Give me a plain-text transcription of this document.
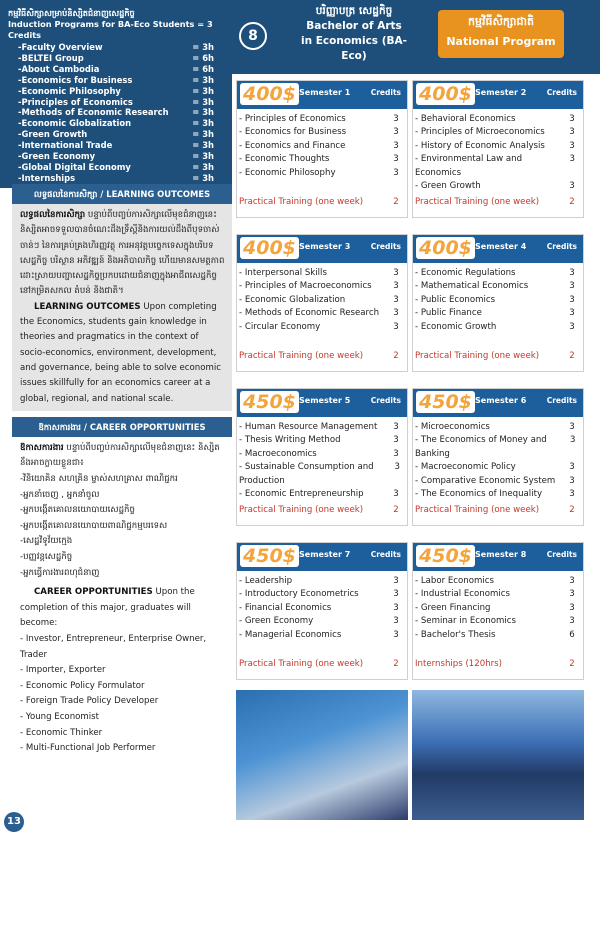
កម្មវិធីសិក្សាសម្រាប់និស្សិតជំនាញសេដ្ឋកិច្ច
Induction Programs for BA-Eco Students = 3 Credits	8
បរិញ្ញាបត្រ សេដ្ឋកិច្ច
Bachelor of Arts
in Economics (BA-Eco)
កម្មវិធីសិក្សាជាតិ
National Program
-Faculty Overview	= 3h
-BELTEI Group	= 6h
-About Cambodia	= 6h
-Economics for Business	= 3h
-Economic Philosophy	= 3h
-Principles of Economics	= 3h
-Methods of Economic Research	= 3h
-Economic Globalization	= 3h
-Green Growth	= 3h
-International Trade	= 3h
-Green Economy	= 3h
-Global Digital Economy	= 3h
-Internships	= 3h
លទ្ធផលនៃការសិក្សា / LEARNING OUTCOMES
លទ្ធផលនៃការសិក្សា បន្ទាប់ពីបញ្ចប់ការសិក្សាលើមុខជំនាញនេះនិស្សិតអាចទទួលបានចំណេះដឹងទ្រឹស្តីនិងការយល់ដឹងពីបុទចាស់ចាន់ៗ នៃការគ្រប់គ្រងហិរញ្ញវត្ថុ ការអនុវត្តបច្ចេកទេសក្នុងបរិបទសេដ្ឋកិច្ច បរិស្ថាន អភិវឌ្ឍន៍ និងអភិបាលកិច្ច ហើយមានសមត្ថភាពដោះស្រាយបញ្ហាសេដ្ឋកិច្ចប្រកបដោយជំនាញក្នុងអាជីពសេដ្ឋកិច្ចនៅកម្រិតសកល តំបន់ និងជាតិ។
LEARNING OUTCOMES Upon completing the Economics, students gain knowledge in theories and pragmatics in the context of socio-economics, environment, development, and governance, being able to solve economic issues skillfully for an economics career at a global, regional, and national scale.
ឱកាសការងារ / CAREER OPPORTUNITIES
ឱកាសការងារ បន្ទាប់ពីបញ្ចប់ការសិក្សាលើមុខជំនាញនេះ និស្សិតនឹងអាចក្លាយខ្លួនជា៖
-វិនិយោគិន សហគ្រិន ម្ចាស់សហគ្រាស ពាណិជ្ជករ
-អ្នកនាំចេញ , អ្នកនាំចូល
-អ្នកបង្កើតគោលនយោបាយសេដ្ឋកិច្ច
-អ្នកបង្កើតគោលនយោបាយពាណិជ្ជកម្មបរទេស
-សេដ្ឋវិទូវ័យក្មេង
-បញ្ញវន្តសេដ្ឋកិច្ច
-អ្នកធ្វើការងារពហុជំនាញ
CAREER OPPORTUNITIES Upon the completion of this major, graduates will become:
- Investor, Entrepreneur, Enterprise Owner, Trader
- Importer, Exporter
- Economic Policy Formulator
- Foreign Trade Policy Developer
- Young Economist
- Economic Thinker
- Multi-Functional Job Performer
400$ Semester 1	Credits
- Principles of Economics	3
- Economics for Business	3
- Economics and Finance	3
- Economic Thoughts	3
- Economic Philosophy	3
Practical Training (one week)	2
400$ Semester 2	Credits
- Behavioral Economics	3
- Principles of Microeconomics	3
- History of Economic Analysis	3
- Environmental Law and Economics
3
- Green Growth	3
Practical Training (one week)	2
400$ Semester 3	Credits
- Interpersonal Skills	3
- Principles of Macroeconomics	3
- Economic Globalization	3
- Methods of Economic Research	3
- Circular Economy	3
Practical Training (one week)	2
400$ Semester 4	Credits
- Economic Regulations	3
- Mathematical Economics	3
- Public Economics	3
- Public Finance	3
- Economic Growth	3
Practical Training (one week)	2
450$ Semester 5	Credits
- Human Resource Management	3
- Thesis Writing Method	3
- Macroeconomics	3
- Sustainable Consumption and Production
3
- Economic Entrepreneurship	3
Practical Training (one week)	2
450$ Semester 6	Credits
- Microeconomics	3
- The Economics of Money and Banking
3
- Macroeconomic Policy	3
- Comparative Economic System	3
- The Economics of Inequality	3
Practical Training (one week)	2
450$ Semester 7	Credits
- Leadership	3
- Introductory Econometrics	3
- Financial Economics	3
- Green Economy	3
- Managerial Economics	3
Practical Training (one week)	2
450$ Semester 8	Credits
- Labor Economics	3
- Industrial Economics	3
- Green Financing	3
- Seminar in Economics	3
- Bachelor's Thesis	6
Internships (120hrs)	2
13
